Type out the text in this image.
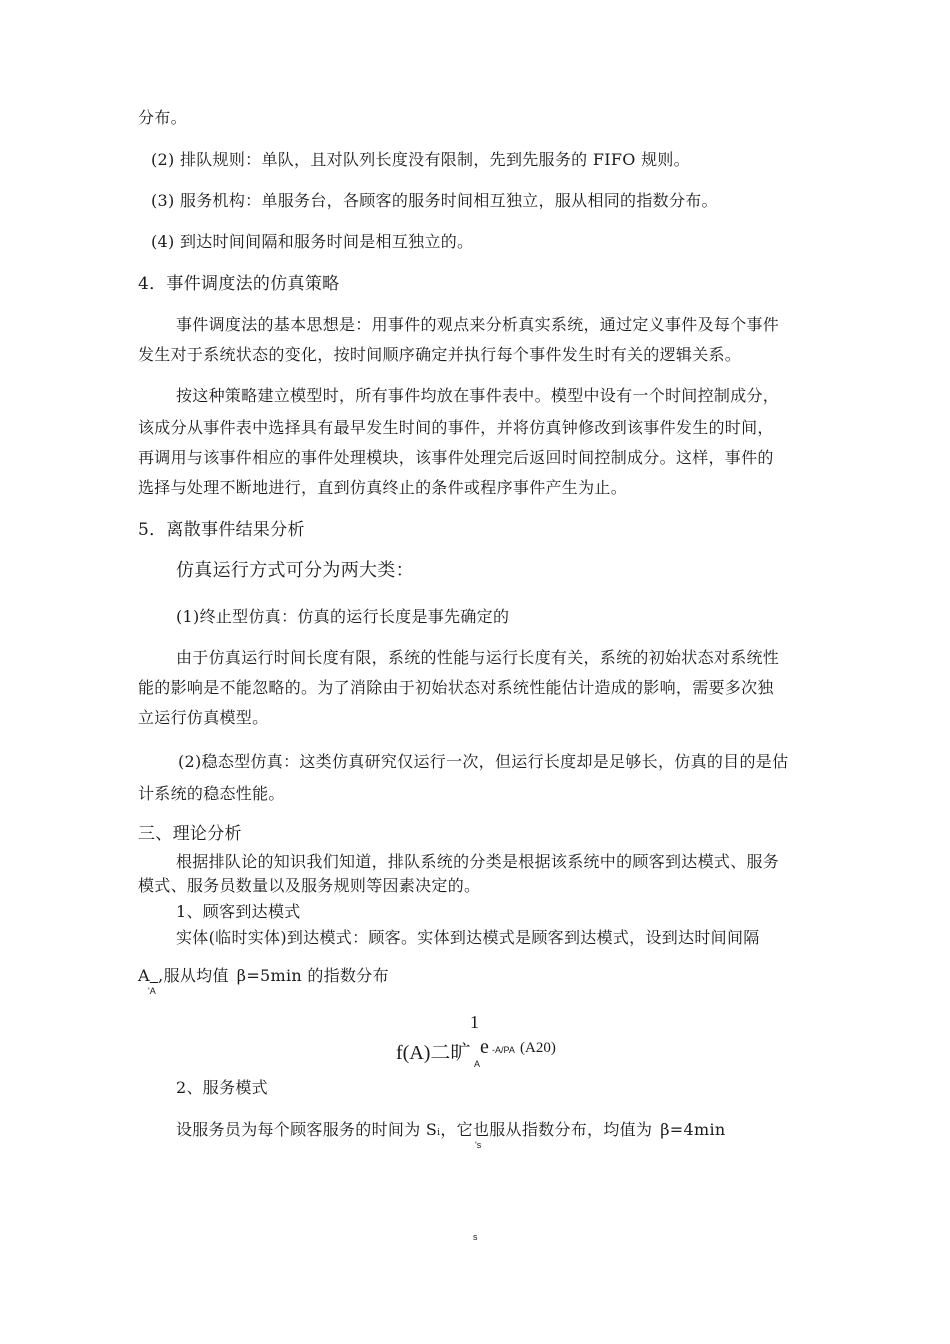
分布。
(2) 排队规则：单队，且对队列长度没有限制，先到先服务的 FIFO 规则。
(3) 服务机构：单服务台，各顾客的服务时间相互独立，服从相同的指数分布。
(4) 到达时间间隔和服务时间是相互独立的。
4．事件调度法的仿真策略
事件调度法的基本思想是：用事件的观点来分析真实系统，通过定义事件及每个事件
发生对于系统状态的变化，按时间顺序确定并执行每个事件发生时有关的逻辑关系。
按这种策略建立模型时，所有事件均放在事件表中。模型中设有一个时间控制成分，
该成分从事件表中选择具有最早发生时间的事件，并将仿真钟修改到该事件发生的时间，
再调用与该事件相应的事件处理模块，该事件处理完后返回时间控制成分。这样，事件的
选择与处理不断地进行，直到仿真终止的条件或程序事件产生为止。
5．离散事件结果分析
仿真运行方式可分为两大类：
(1)终止型仿真：仿真的运行长度是事先确定的
由于仿真运行时间长度有限，系统的性能与运行长度有关，系统的初始状态对系统性
能的影响是不能忽略的。为了消除由于初始状态对系统性能估计造成的影响，需要多次独
立运行仿真模型。
(2)稳态型仿真：这类仿真研究仅运行一次，但运行长度却是足够长，仿真的目的是估
计系统的稳态性能。
三、理论分析
根据排队论的知识我们知道，排队系统的分类是根据该系统中的顾客到达模式、服务
模式、服务员数量以及服务规则等因素决定的。
1、顾客到达模式
实体(临时实体)到达模式：顾客。实体到达模式是顾客到达模式，设到达时间间隔
A  ,服从均值 β=5min 的指数分布
'A
1
f(A)二旷 e -A/PA (A20)
A
2、服务模式
设服务员为每个顾客服务的时间为 Si，它也服从指数分布，均值为 β=4min
's
s
